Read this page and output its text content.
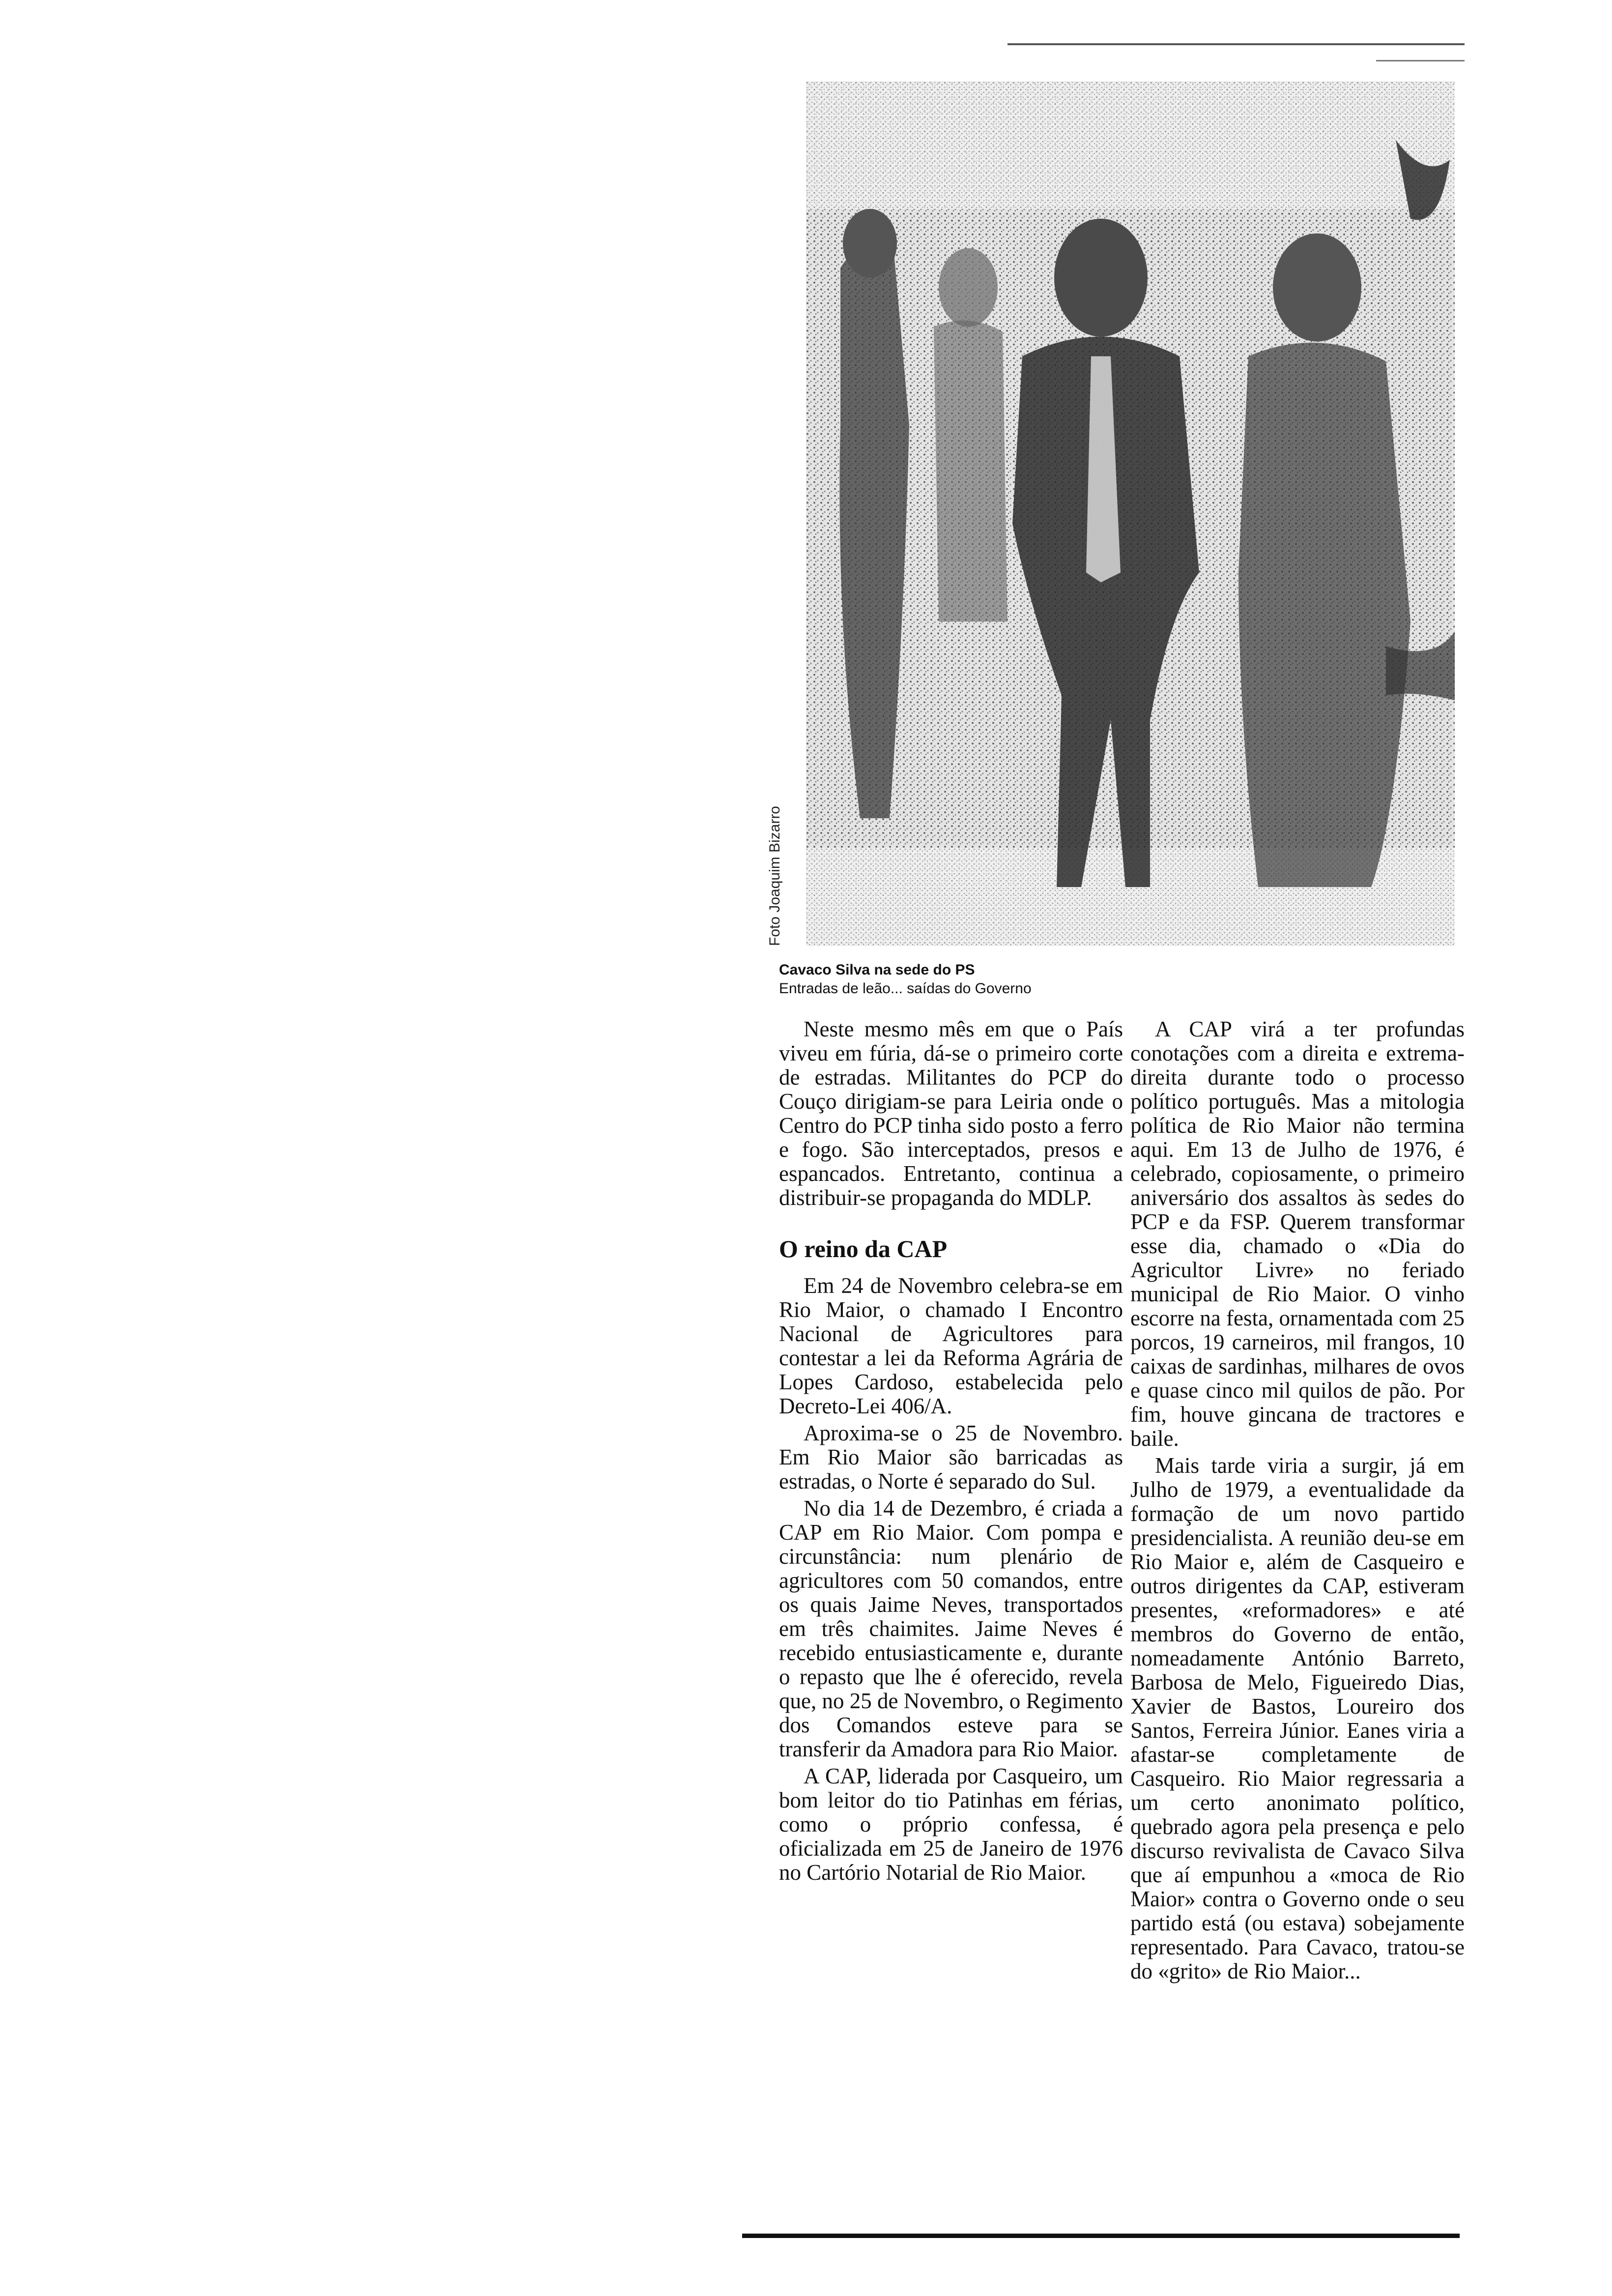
Foto Joaquim Bizarro
Cavaco Silva na sede do PS
Entradas de leão... saídas do Governo

Neste mesmo mês em que o País viveu em fúria, dá-se o primeiro corte de estradas. Militantes do PCP do Couço dirigiam-se para Leiria onde o Centro do PCP tinha sido posto a ferro e fogo. São interceptados, presos e espancados. Entretanto, continua a distribuir-se propaganda do MDLP.

O reino da CAP

Em 24 de Novembro celebra-se em Rio Maior, o chamado I Encontro Nacional de Agricultores para contestar a lei da Reforma Agrária de Lopes Cardoso, estabelecida pelo Decreto-Lei 406/A.

Aproxima-se o 25 de Novembro. Em Rio Maior são barricadas as estradas, o Norte é separado do Sul.

No dia 14 de Dezembro, é criada a CAP em Rio Maior. Com pompa e circunstância: num plenário de agricultores com 50 comandos, entre os quais Jaime Neves, transportados em três chaimites. Jaime Neves é recebido entusiasticamente e, durante o repasto que lhe é oferecido, revela que, no 25 de Novembro, o Regimento dos Comandos esteve para se transferir da Amadora para Rio Maior.

A CAP, liderada por Casqueiro, um bom leitor do tio Patinhas em férias, como o próprio confessa, é oficializada em 25 de Janeiro de 1976 no Cartório Notarial de Rio Maior.

A CAP virá a ter profundas conotações com a direita e extrema-direita durante todo o processo político português. Mas a mitologia política de Rio Maior não termina aqui. Em 13 de Julho de 1976, é celebrado, copiosamente, o primeiro aniversário dos assaltos às sedes do PCP e da FSP. Querem transformar esse dia, chamado o «Dia do Agricultor Livre» no feriado municipal de Rio Maior. O vinho escorre na festa, ornamentada com 25 porcos, 19 carneiros, mil frangos, 10 caixas de sardinhas, milhares de ovos e quase cinco mil quilos de pão. Por fim, houve gincana de tractores e baile.

Mais tarde viria a surgir, já em Julho de 1979, a eventualidade da formação de um novo partido presidencialista. A reunião deu-se em Rio Maior e, além de Casqueiro e outros dirigentes da CAP, estiveram presentes, «reformadores» e até membros do Governo de então, nomeadamente António Barreto, Barbosa de Melo, Figueiredo Dias, Xavier de Bastos, Loureiro dos Santos, Ferreira Júnior. Eanes viria a afastar-se completamente de Casqueiro. Rio Maior regressaria a um certo anonimato político, quebrado agora pela presença e pelo discurso revivalista de Cavaco Silva que aí empunhou a «moca de Rio Maior» contra o Governo onde o seu partido está (ou estava) sobejamente representado. Para Cavaco, tratou-se do «grito» de Rio Maior...
